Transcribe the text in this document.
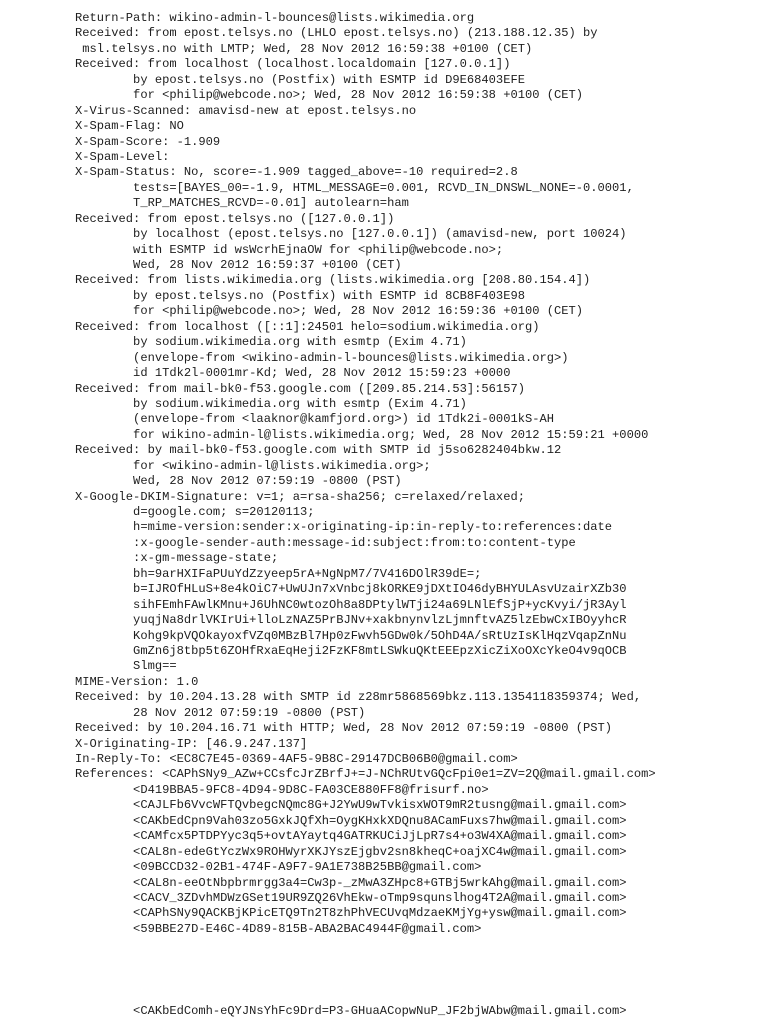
Return-Path: wikino-admin-l-bounces@lists.wikimedia.org
Received: from epost.telsys.no (LHLO epost.telsys.no) (213.188.12.35) by
msl.telsys.no with LMTP; Wed, 28 Nov 2012 16:59:38 +0100 (CET)
Received: from localhost (localhost.localdomain [127.0.0.1])
by epost.telsys.no (Postfix) with ESMTP id D9E68403EFE
for <philip@webcode.no>; Wed, 28 Nov 2012 16:59:38 +0100 (CET)
X-Virus-Scanned: amavisd-new at epost.telsys.no
X-Spam-Flag: NO
X-Spam-Score: -1.909
X-Spam-Level:
X-Spam-Status: No, score=-1.909 tagged_above=-10 required=2.8
tests=[BAYES_00=-1.9, HTML_MESSAGE=0.001, RCVD_IN_DNSWL_NONE=-0.0001,
T_RP_MATCHES_RCVD=-0.01] autolearn=ham
Received: from epost.telsys.no ([127.0.0.1])
by localhost (epost.telsys.no [127.0.0.1]) (amavisd-new, port 10024)
with ESMTP id wsWcrhEjnaOW for <philip@webcode.no>;
Wed, 28 Nov 2012 16:59:37 +0100 (CET)
Received: from lists.wikimedia.org (lists.wikimedia.org [208.80.154.4])
by epost.telsys.no (Postfix) with ESMTP id 8CB8F403E98
for <philip@webcode.no>; Wed, 28 Nov 2012 16:59:36 +0100 (CET)
Received: from localhost ([::1]:24501 helo=sodium.wikimedia.org)
by sodium.wikimedia.org with esmtp (Exim 4.71)
(envelope-from <wikino-admin-l-bounces@lists.wikimedia.org>)
id 1Tdk2l-0001mr-Kd; Wed, 28 Nov 2012 15:59:23 +0000
Received: from mail-bk0-f53.google.com ([209.85.214.53]:56157)
by sodium.wikimedia.org with esmtp (Exim 4.71)
(envelope-from <laaknor@kamfjord.org>) id 1Tdk2i-0001kS-AH
for wikino-admin-l@lists.wikimedia.org; Wed, 28 Nov 2012 15:59:21 +0000
Received: by mail-bk0-f53.google.com with SMTP id j5so6282404bkw.12
for <wikino-admin-l@lists.wikimedia.org>;
Wed, 28 Nov 2012 07:59:19 -0800 (PST)
X-Google-DKIM-Signature: v=1; a=rsa-sha256; c=relaxed/relaxed;
d=google.com; s=20120113;
h=mime-version:sender:x-originating-ip:in-reply-to:references:date
:x-google-sender-auth:message-id:subject:from:to:content-type
:x-gm-message-state;
bh=9arHXIFaPUuYdZzyeep5rA+NgNpM7/7V416DOlR39dE=;
b=IJROfHLuS+8e4kOiC7+UwUJn7xVnbcj8kORKE9jDXtIO46dyBHYULAsvUzairXZb30
sihFEmhFAwlKMnu+J6UhNC0wtozOh8a8DPtylWTji24a69LNlEfSjP+ycKvyi/jR3Ayl
yuqjNa8drlVKIrUi+lloLzNAZ5PrBJNv+xakbnynvlzLjmnftvAZ5lzEbwCxIBOyyhcR
Kohg9kpVQOkayoxfVZq0MBzBl7Hp0zFwvh5GDw0k/5OhD4A/sRtUzIsKlHqzVqapZnNu
GmZn6j8tbp5t6ZOHfRxaEqHeji2FzKF8mtLSWkuQKtEEEpzXicZiXoOXcYkeO4v9qOCB
Slmg==
MIME-Version: 1.0
Received: by 10.204.13.28 with SMTP id z28mr5868569bkz.113.1354118359374; Wed,
28 Nov 2012 07:59:19 -0800 (PST)
Received: by 10.204.16.71 with HTTP; Wed, 28 Nov 2012 07:59:19 -0800 (PST)
X-Originating-IP: [46.9.247.137]
In-Reply-To: <EC8C7E45-0369-4AF5-9B8C-29147DCB06B0@gmail.com>
References: <CAPhSNy9_AZw+CCsfcJrZBrfJ+=J-NChRUtvGQcFpi0e1=ZV=2Q@mail.gmail.com>
<D419BBA5-9FC8-4D94-9D8C-FA03CE880FF8@frisurf.no>
<CAJLFb6VvcWFTQvbegcNQmc8G+J2YwU9wTvkisxWOT9mR2tusng@mail.gmail.com>
<CAKbEdCpn9Vah03zo5GxkJQfXh=OygKHxkXDQnu8ACamFuxs7hw@mail.gmail.com>
<CAMfcx5PTDPYyc3q5+ovtAYaytq4GATRKUCiJjLpR7s4+o3W4XA@mail.gmail.com>
<CAL8n-edeGtYczWx9ROHWyrXKJYszEjgbv2sn8kheqC+oajXC4w@mail.gmail.com>
<09BCCD32-02B1-474F-A9F7-9A1E738B25BB@gmail.com>
<CAL8n-eeOtNbpbrmrgg3a4=Cw3p-_zMwA3ZHpc8+GTBj5wrkAhg@mail.gmail.com>
<CACV_3ZDvhMDWzGSet19UR9ZQ26VhEkw-oTmp9squnslhog4T2A@mail.gmail.com>
<CAPhSNy9QACKBjKPicETQ9Tn2T8zhPhVECUvqMdzaeKMjYg+ysw@mail.gmail.com>
<59BBE27D-E46C-4D89-815B-ABA2BAC4944F@gmail.com>
<CAKbEdComh-eQYJNsYhFc9Drd=P3-GHuaACopwNuP_JF2bjWAbw@mail.gmail.com>
